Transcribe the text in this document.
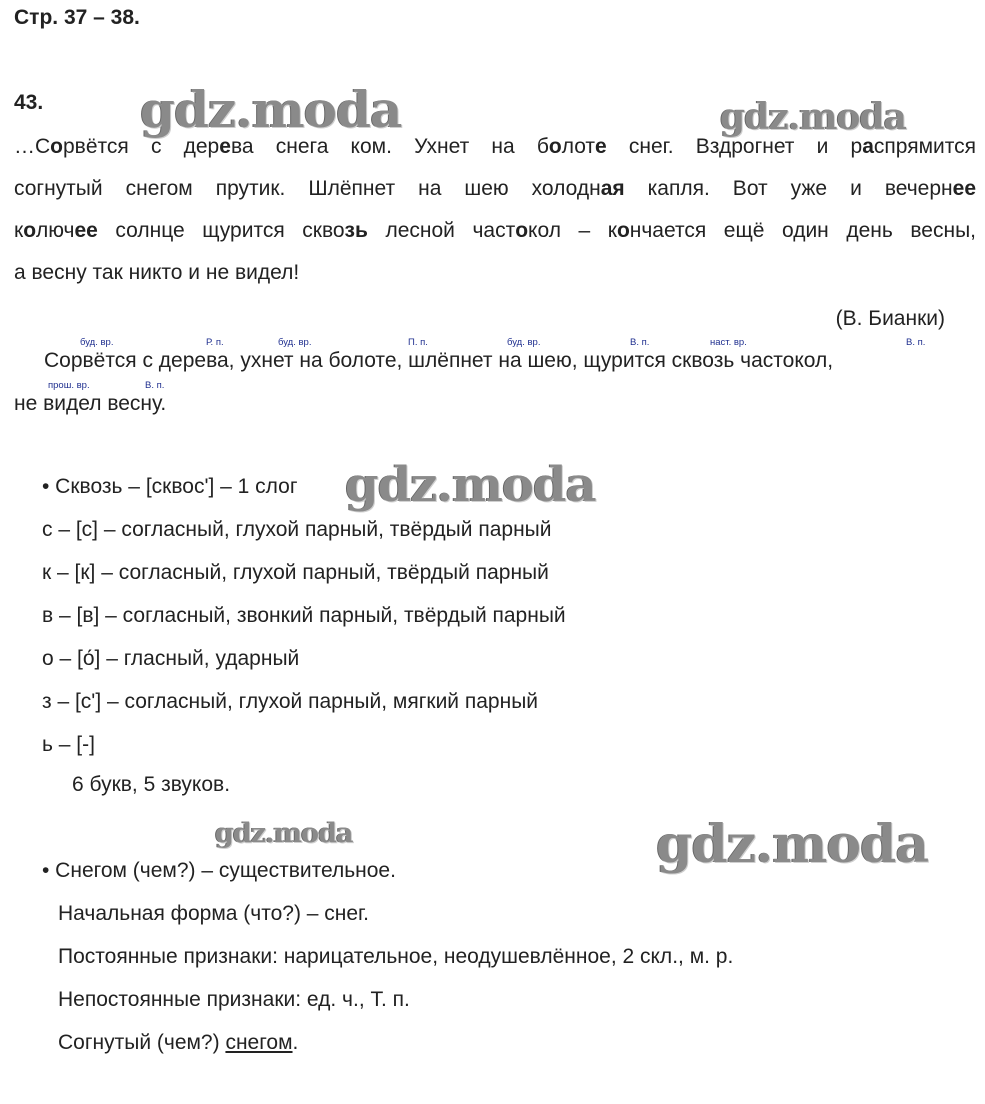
Стр. 37 – 38.
43. gdz.moda	gdz.moda
gdz.moda
gdz.moda	gdz.moda
…Сорвётся с дерева снега ком. Ухнет на болоте снег. Вздрогнет и распрямится
согнутый снегом прутик. Шлёпнет на шею холодная капля. Вот уже и вечернее
колючее солнце щурится сквозь лесной частокол – кончается ещё один день весны,
а весну так никто и не видел!
(В. Бианки)
буд. вр.	Р. п.	буд. вр.	П. п.	буд. вр.	В. п.	наст. вр.	В. п.
Сорвётся с дерева, ухнет на болоте, шлёпнет на шею, щурится сквозь частокол,
прош. вр.	В. п.
не видел весну.
• Сквозь – [сквос'] – 1 слог
с – [с] – согласный, глухой парный, твёрдый парный
к – [к] – согласный, глухой парный, твёрдый парный
в – [в] – согласный, звонкий парный, твёрдый парный
о – [о́] – гласный, ударный
з – [с'] – согласный, глухой парный, мягкий парный
ь – [-]
6 букв, 5 звуков.
• Снегом (чем?) – существительное.
Начальная форма (что?) – снег.
Постоянные признаки: нарицательное, неодушевлённое, 2 скл., м. р.
Непостоянные признаки: ед. ч., Т. п.
Согнутый (чем?) снегом.
